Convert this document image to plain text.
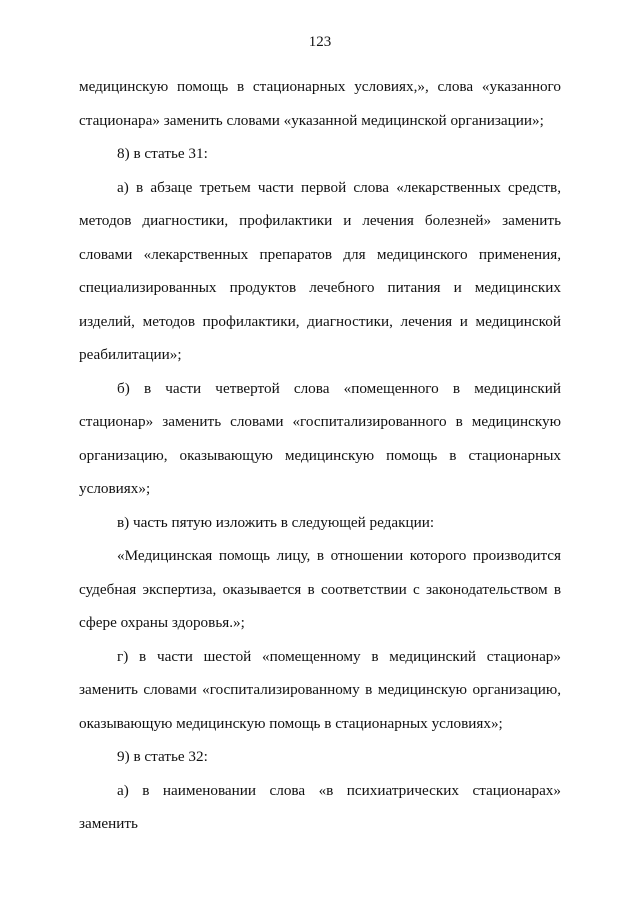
123

медицинскую помощь в стационарных условиях,», слова «указанного стационара» заменить словами «указанной медицинской организации»;

8) в статье 31:

а) в абзаце третьем части первой слова «лекарственных средств, методов диагностики, профилактики и лечения болезней» заменить словами «лекарственных препаратов для медицинского применения, специализированных продуктов лечебного питания и медицинских изделий, методов профилактики, диагностики, лечения и медицинской реабилитации»;

б) в части четвертой слова «помещенного в медицинский стационар» заменить словами «госпитализированного в медицинскую организацию, оказывающую медицинскую помощь в стационарных условиях»;

в) часть пятую изложить в следующей редакции:

«Медицинская помощь лицу, в отношении которого производится судебная экспертиза, оказывается в соответствии с законодательством в сфере охраны здоровья.»;

г) в части шестой «помещенному в медицинский стационар» заменить словами «госпитализированному в медицинскую организацию, оказывающую медицинскую помощь в стационарных условиях»;

9) в статье 32:

а) в наименовании слова «в психиатрических стационарах» заменить
